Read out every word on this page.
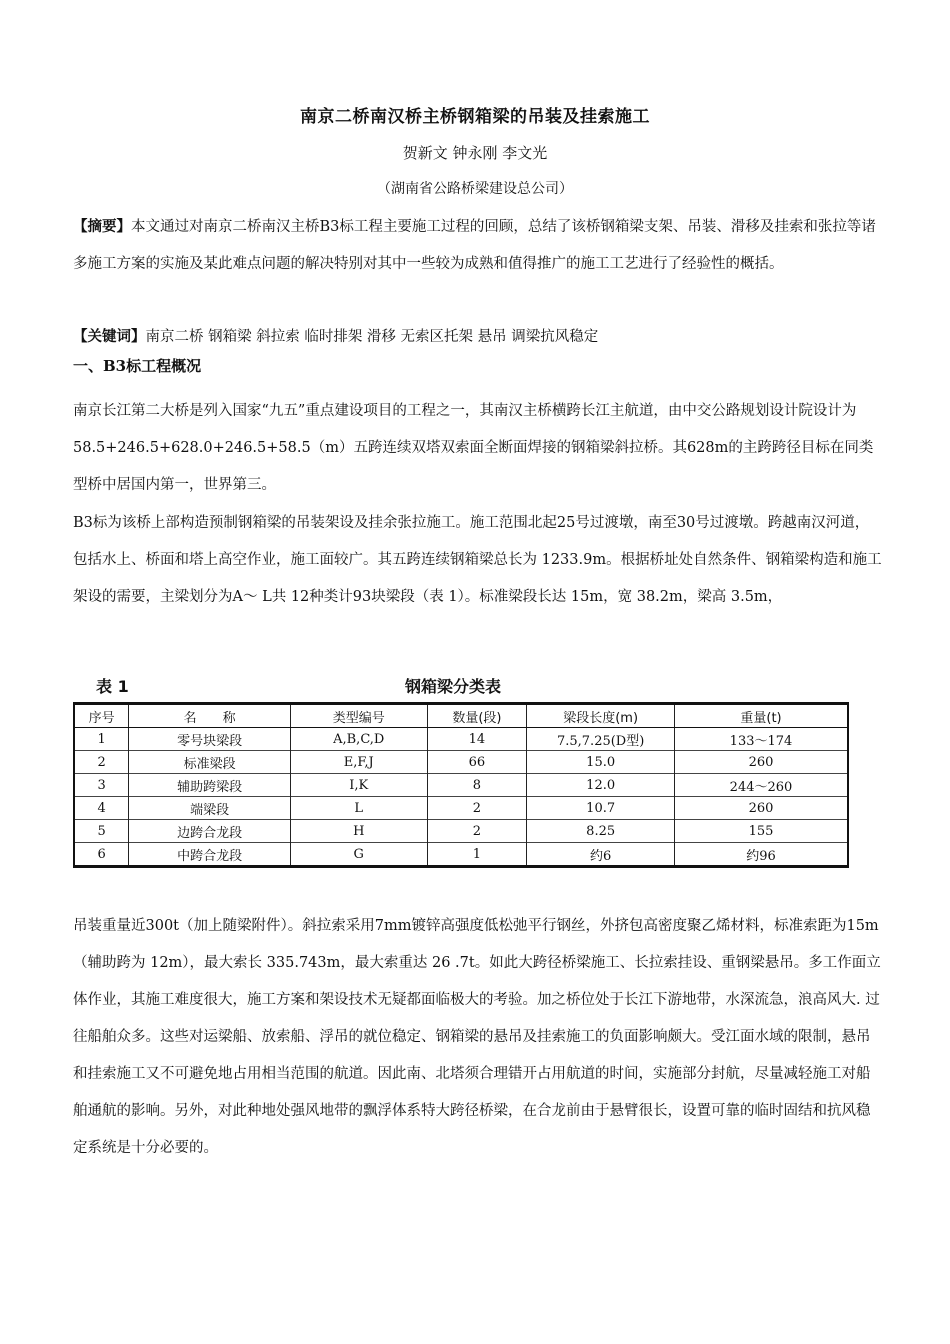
南京二桥南汉桥主桥钢箱梁的吊装及挂索施工
贺新文 钟永刚 李文光
（湖南省公路桥梁建设总公司）

【摘要】本文通过对南京二桥南汉主桥B3标工程主要施工过程的回顾，总结了该桥钢箱梁支架、吊装、滑移及挂索和张拉等诸多施工方案的实施及某此难点问题的解决特别对其中一些较为成熟和值得推广的施工工艺进行了经验性的概括。

【关键词】南京二桥 钢箱梁 斜拉索 临时排架 滑移 无索区托架 悬吊 调梁抗风稳定

一、B3标工程概况

南京长江第二大桥是列入国家“九五”重点建设项目的工程之一，其南汉主桥横跨长江主航道，由中交公路规划设计院设计为58.5+246.5+628.0+246.5+58.5（m）五跨连续双塔双索面全断面焊接的钢箱梁斜拉桥。其628m的主跨跨径目标在同类型桥中居国内第一，世界第三。

B3标为该桥上部构造预制钢箱梁的吊装架设及挂余张拉施工。施工范围北起25号过渡墩，南至30号过渡墩。跨越南汉河道，包括水上、桥面和塔上高空作业，施工面较广。其五跨连续钢箱梁总长为 1233.9m。根据桥址处自然条件、钢箱梁构造和施工架设的需要，主梁划分为A～ L共 12种类计93块梁段（表 1）。标准梁段长达 15m，宽 38.2m，梁高 3.5m，

表 1	钢箱梁分类表
序号	名　　称	类型编号	数量(段)	梁段长度(m)	重量(t)
1	零号块梁段	A,B,C,D	14	7.5,7.25(D型)	133～174
2	标准梁段	E,F,J	66	15.0	260
3	辅助跨梁段	I,K	8	12.0	244～260
4	端梁段	L	2	10.7	260
5	边跨合龙段	H	2	8.25	155
6	中跨合龙段	G	1	约6	约96

吊装重量近300t（加上随梁附件）。斜拉索采用7mm镀锌高强度低松弛平行钢丝，外挤包高密度聚乙烯材料，标准索距为15m（辅助跨为 12m），最大索长 335.743m，最大索重达 26 .7t。如此大跨径桥梁施工、长拉索挂设、重钢梁悬吊。多工作面立体作业，其施工难度很大，施工方案和架设技术无疑都面临极大的考验。加之桥位处于长江下游地带，水深流急，浪高风大. 过往船舶众多。这些对运梁船、放索船、浮吊的就位稳定、钢箱梁的悬吊及挂索施工的负面影响颇大。受江面水域的限制，悬吊和挂索施工又不可避免地占用相当范围的航道。因此南、北塔须合理错开占用航道的时间，实施部分封航，尽量减轻施工对船舶通航的影响。另外，对此种地处强风地带的飘浮体系特大跨径桥梁，在合龙前由于悬臂很长，设置可靠的临时固结和抗风稳定系统是十分必要的。
